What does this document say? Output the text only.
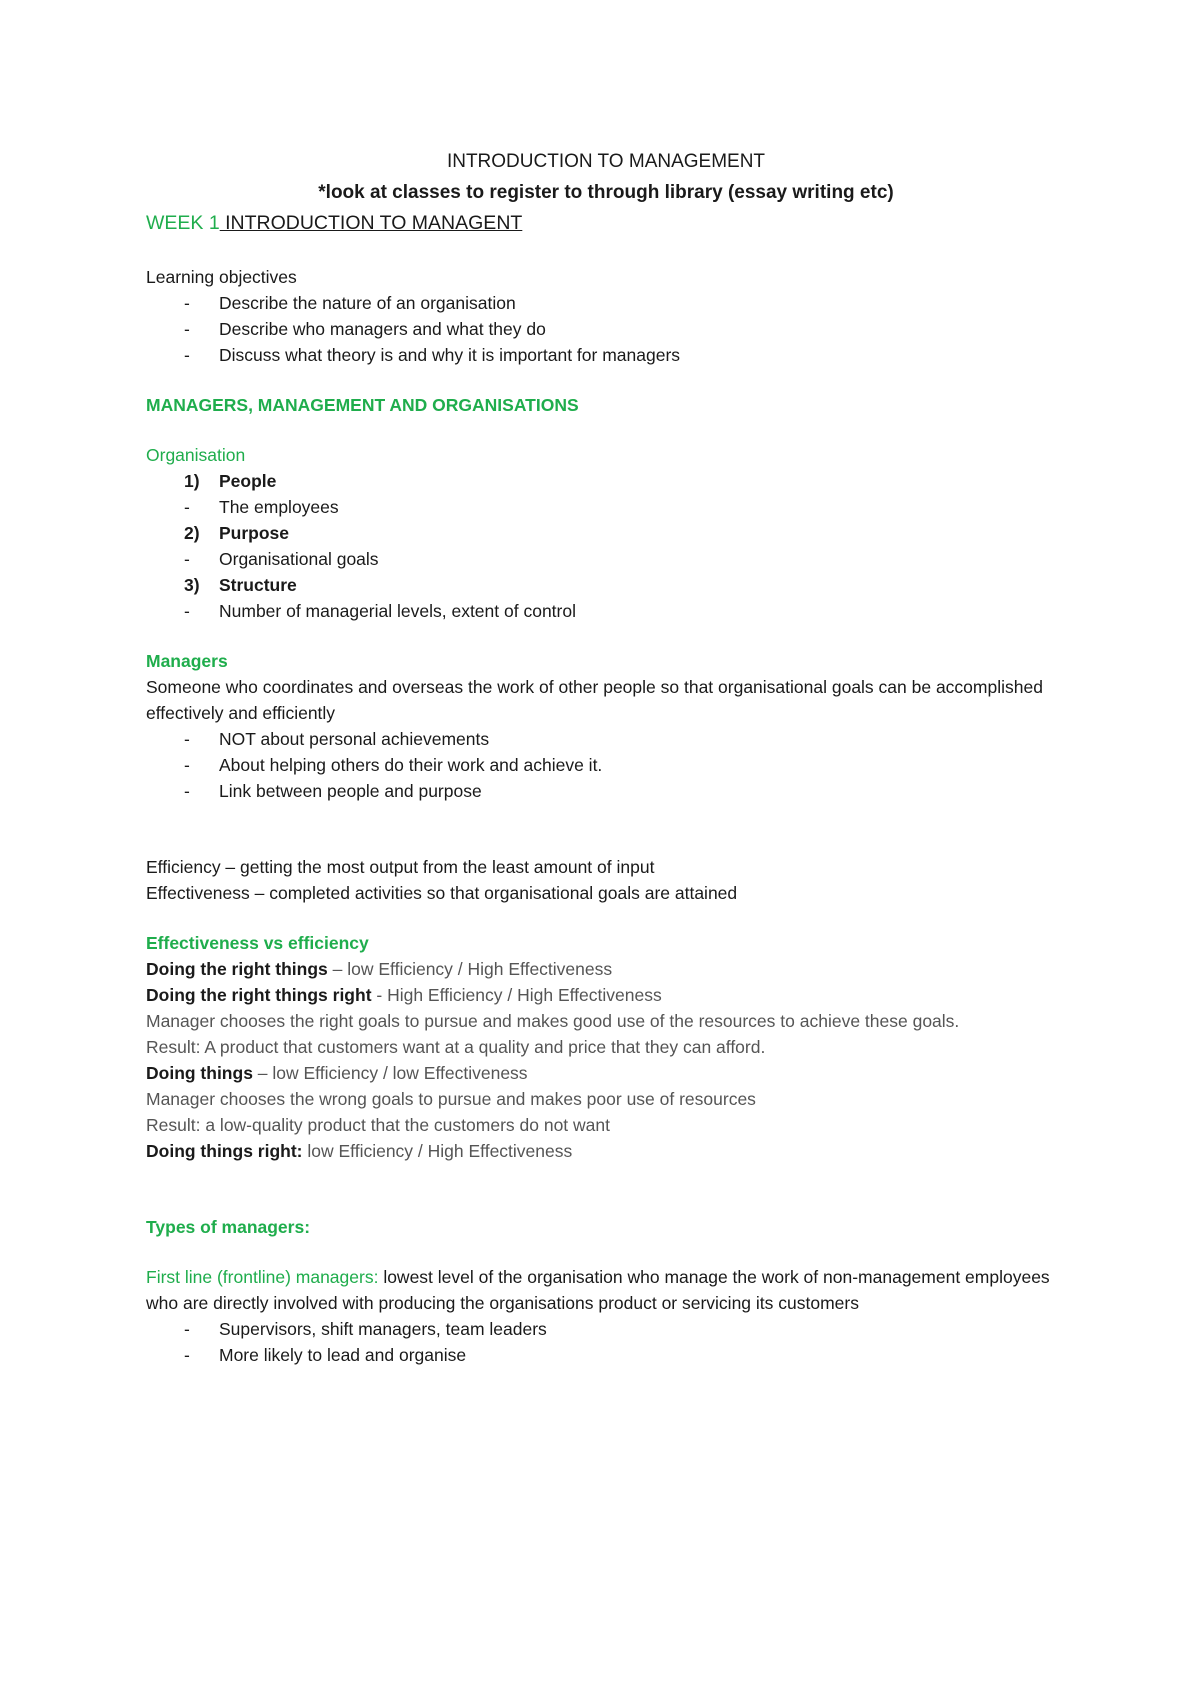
INTRODUCTION TO MANAGEMENT

*look at classes to register to through library (essay writing etc)

WEEK 1 INTRODUCTION TO MANAGENT

Learning objectives

- Describe the nature of an organisation
- Describe who managers and what they do
- Discuss what theory is and why it is important for managers

MANAGERS, MANAGEMENT AND ORGANISATIONS

Organisation

1) People
- The employees
2) Purpose
- Organisational goals
3) Structure
- Number of managerial levels, extent of control

Managers

Someone who coordinates and overseas the work of other people so that organisational goals can be accomplished effectively and efficiently

- NOT about personal achievements
- About helping others do their work and achieve it.
- Link between people and purpose

Efficiency – getting the most output from the least amount of input

Effectiveness – completed activities so that organisational goals are attained

Effectiveness vs efficiency

Doing the right things – low Efficiency / High Effectiveness

Doing the right things right - High Efficiency / High Effectiveness

Manager chooses the right goals to pursue and makes good use of the resources to achieve these goals.

Result: A product that customers want at a quality and price that they can afford.

Doing things – low Efficiency / low Effectiveness

Manager chooses the wrong goals to pursue and makes poor use of resources

Result: a low-quality product that the customers do not want

Doing things right: low Efficiency / High Effectiveness

Types of managers:

First line (frontline) managers: lowest level of the organisation who manage the work of non-management employees who are directly involved with producing the organisations product or servicing its customers

- Supervisors, shift managers, team leaders
- More likely to lead and organise
